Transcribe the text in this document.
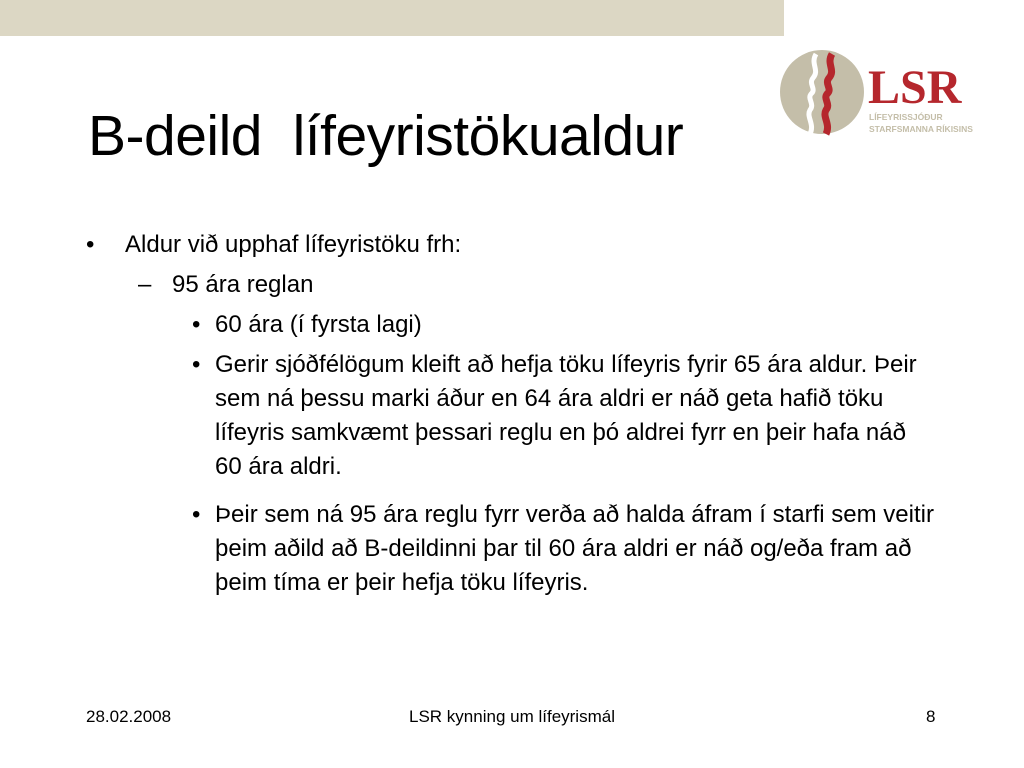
LSR
LÍFEYRISSJÓÐUR
STARFSMANNA RÍKISINS
B-deild  lífeyristökualdur
• Aldur við upphaf lífeyristöku frh:
– 95 ára reglan
• 60 ára (í fyrsta lagi)
• Gerir sjóðfélögum kleift að hefja töku lífeyris fyrir 65 ára aldur. Þeir sem ná þessu marki áður en 64 ára aldri er náð geta hafið töku lífeyris samkvæmt þessari reglu en þó aldrei fyrr en þeir hafa náð 60 ára aldri.
• Þeir sem ná 95 ára reglu fyrr verða að halda áfram í starfi sem veitir þeim aðild að B-deildinni þar til 60 ára aldri er náð og/eða fram að þeim tíma er þeir hefja töku lífeyris.
28.02.2008	LSR kynning um lífeyrismál	8
